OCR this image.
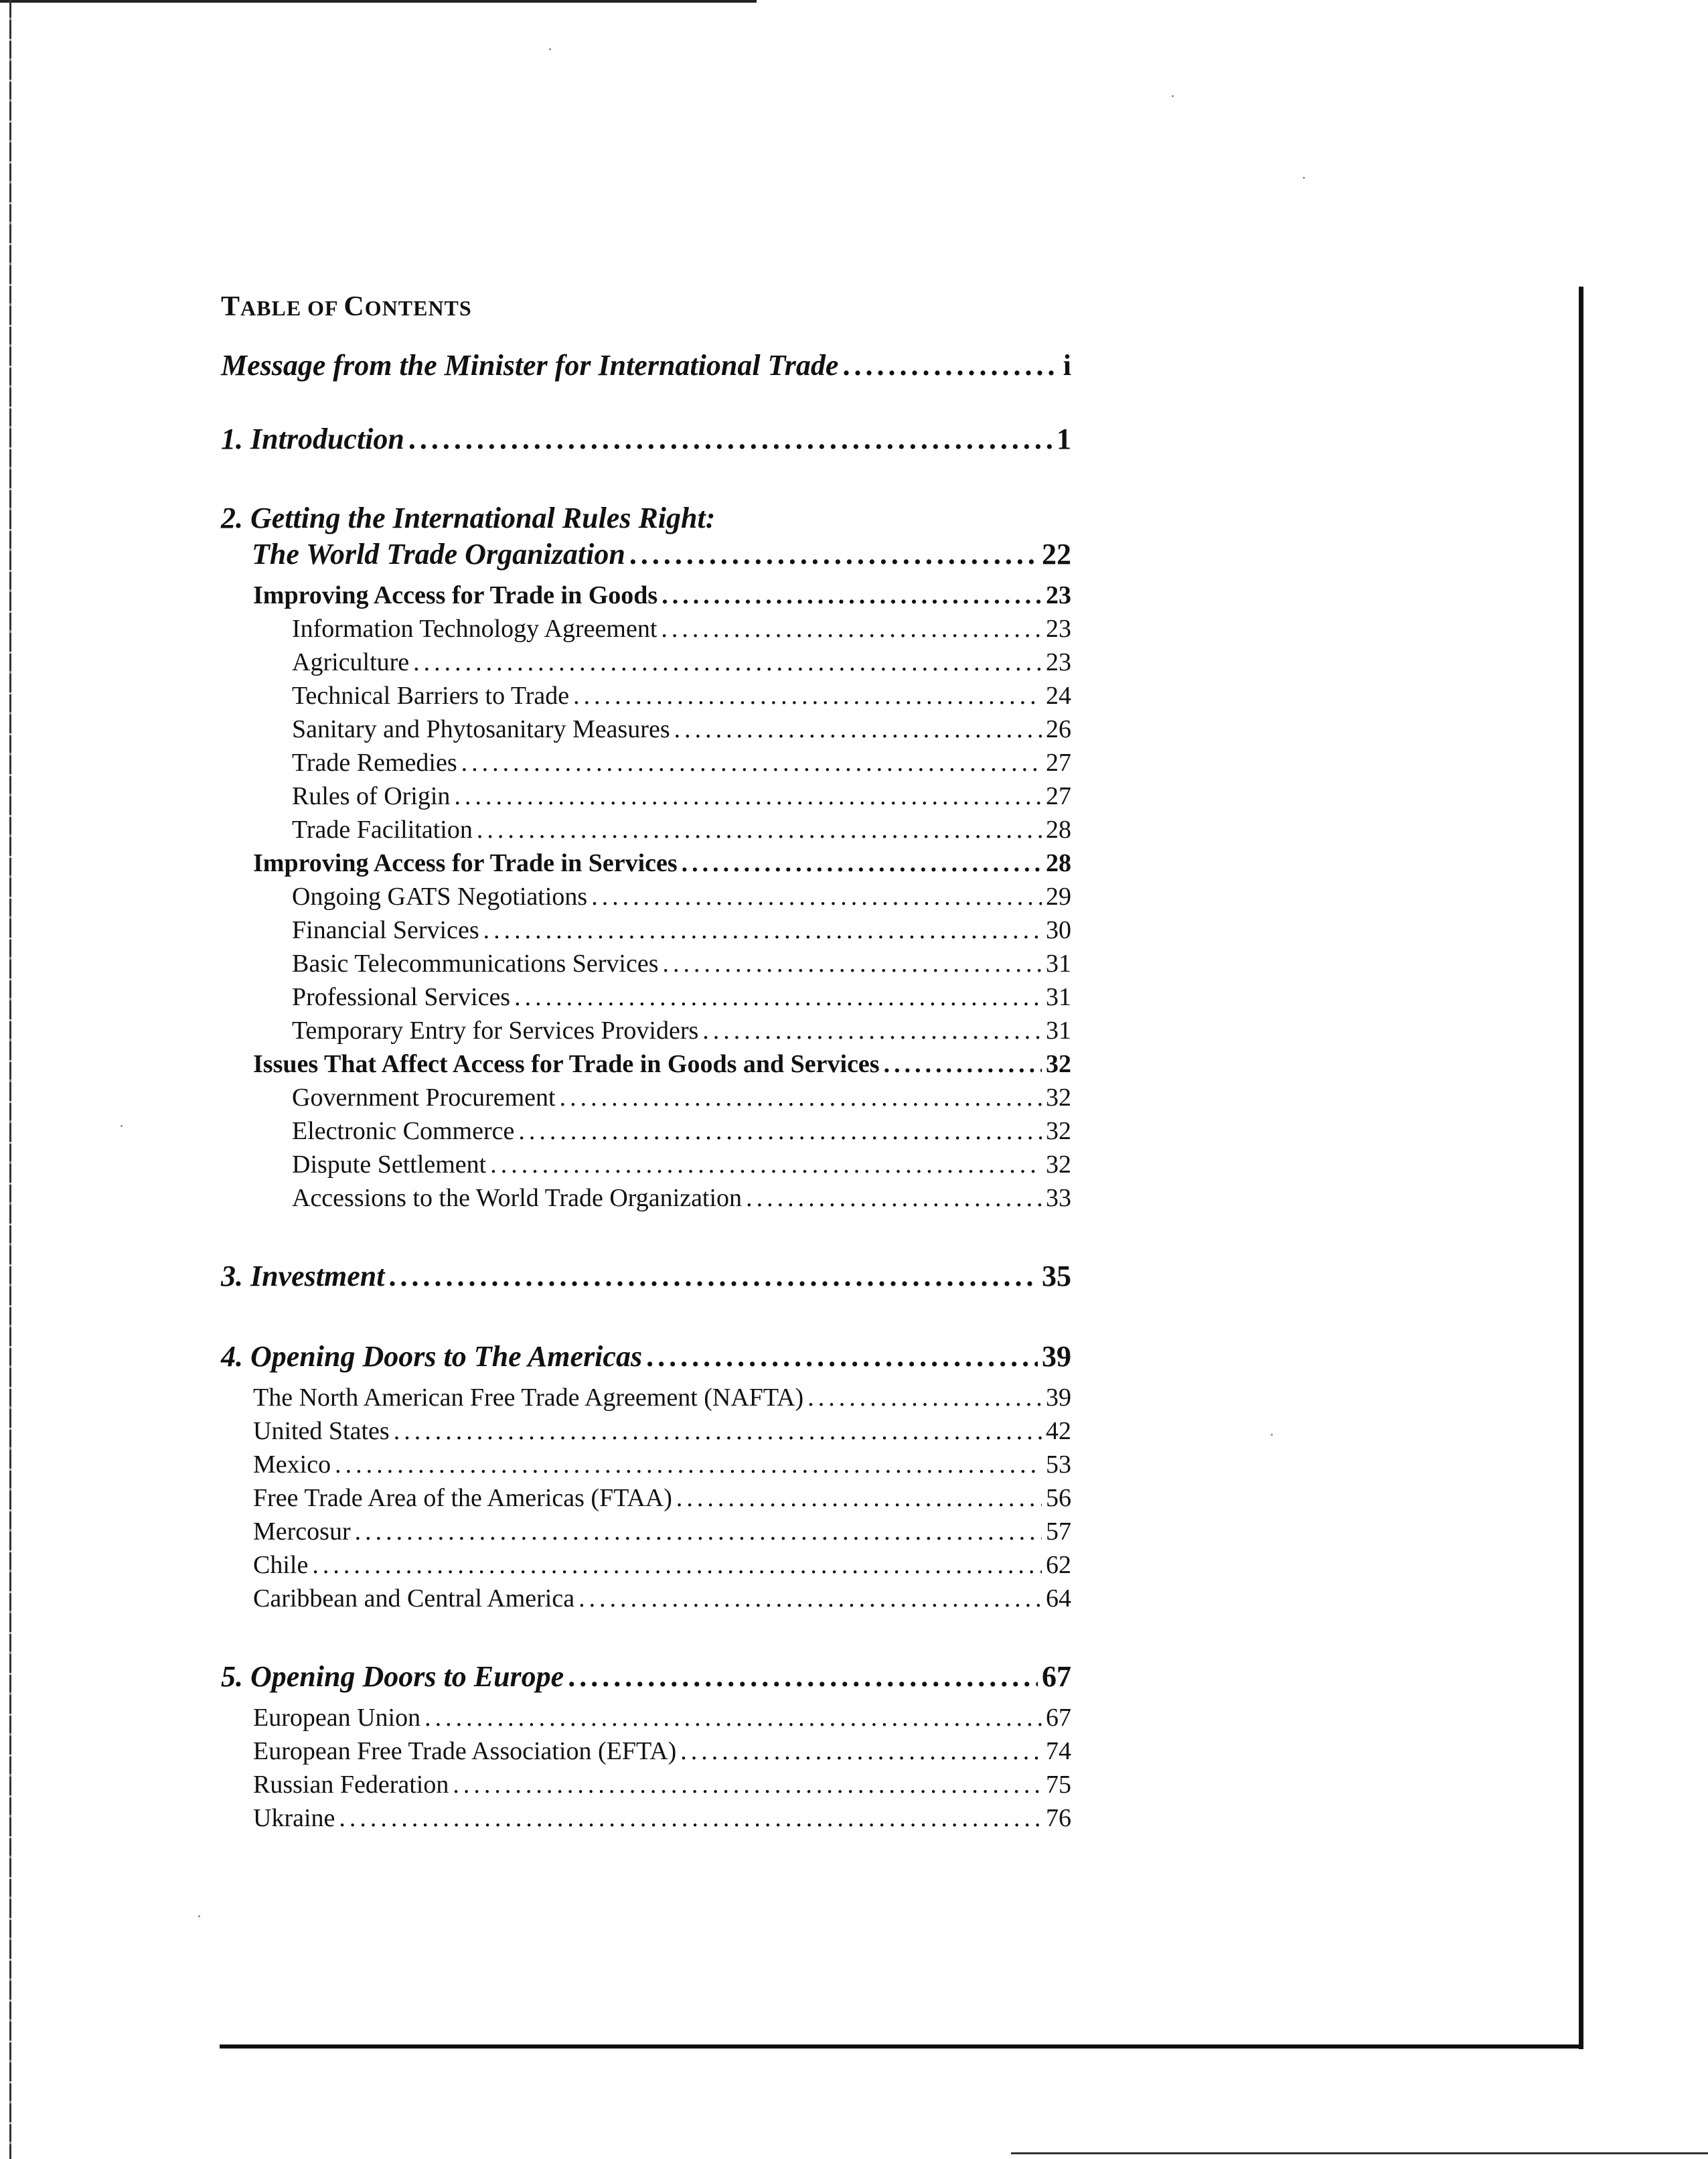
TABLE OF CONTENTS
Message from the Minister for International Trade .....	i
1. Introduction .....	1
2. Getting the International Rules Right:
The World Trade Organization .....	22
Improving Access for Trade in Goods .....	23
Information Technology Agreement .....	23
Agriculture .....	23
Technical Barriers to Trade .....	24
Sanitary and Phytosanitary Measures .....	26
Trade Remedies .....	27
Rules of Origin .....	27
Trade Facilitation .....	28
Improving Access for Trade in Services .....	28
Ongoing GATS Negotiations .....	29
Financial Services .....	30
Basic Telecommunications Services .....	31
Professional Services .....	31
Temporary Entry for Services Providers .....	31
Issues That Affect Access for Trade in Goods and Services .....	32
Government Procurement .....	32
Electronic Commerce .....	32
Dispute Settlement .....	32
Accessions to the World Trade Organization .....	33
3. Investment .....	35
4. Opening Doors to The Americas .....	39
The North American Free Trade Agreement (NAFTA) .....	39
United States .....	42
Mexico .....	53
Free Trade Area of the Americas (FTAA) .....	56
Mercosur .....	57
Chile .....	62
Caribbean and Central America .....	64
5. Opening Doors to Europe .....	67
European Union .....	67
European Free Trade Association (EFTA) .....	74
Russian Federation .....	75
Ukraine .....	76
